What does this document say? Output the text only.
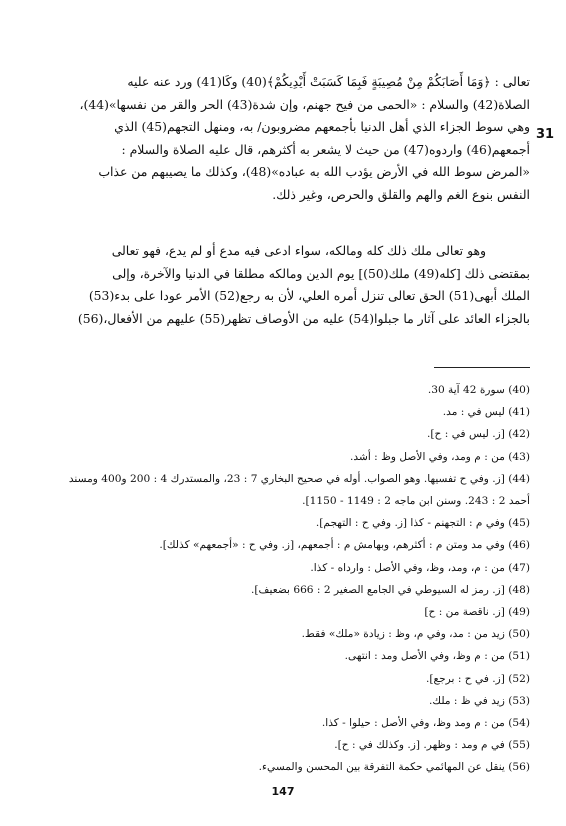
31
تعالى : ﴿وَمَا أَصَابَكُمْ مِنْ مُصِيبَةٍ فَبِمَا كَسَبَتْ أَيْدِيكُمْ﴾(40) وكَا(41) ورد عنه عليه
الصلاة(42) والسلام : «الحمى من فيح جهنم، وإن شدة(43) الحر والقر من نفسها»(44)،
وهي سوط الجزاء الذي أهل الدنيا بأجمعهم مضروبون/ به، ومنهل التجهم(45) الذي
أجمعهم(46) واردوه(47) من حيث لا يشعر به أكثرهم، قال عليه الصلاة والسلام :
«المرض سوط الله في الأرض يؤدب الله به عباده»(48)، وكذلك ما يصيبهم من عذاب
النفس بنوع الغم والهم والقلق والحرص، وغير ذلك.
وهو تعالى ملك ذلك كله ومالكه، سواء ادعى فيه مدع أو لم يدع، فهو تعالى
بمقتضى ذلك [كله(49) ملك(50)] يوم الدين ومالكه مطلقا في الدنيا والآخرة، وإلى
الملك أبهى(51) الحق تعالى تنزل أمره العلي، لأن به رجع(52) الأمر عودا على بدء(53)
بالجزاء العائد على آثار ما جبلوا(54) عليه من الأوصاف تظهر(55) عليهم من الأفعال،(56)
(40) سورة 42 آية 30.
(41) ليس في : مد.
(42) [ز. ليس في : ح].
(43) من : م ومد، وفي الأصل وظ : أشد.
(44) [ز. وفي ح تفسيها. وهو الصواب. أوله في صحيح البخاري 7 : 23، والمستدرك 4 : 200 و400 ومسند
أحمد 2 : 243. وسنن ابن ماجه 2 : 1149 - 1150].
(45) وفي م : التجهنم - كذا [ز. وفي ح : التهجم].
(46) وفي مد ومتن م : أكثرهم، وبهامش م : أجمعهم، [ز. وفي ح : «أجمعهم» كذلك].
(47) من : م، ومد، وظ، وفي الأصل : وارداه - كذا.
(48) [ز. رمز له السيوطي في الجامع الصغير 2 : 666 بضعيف].
(49) [ز. ناقصة من : ح]
(50) زيد من : مد، وفي م، وظ : زيادة «ملك» فقط.
(51) من : م وظ، وفي الأصل ومد : انتهى.
(52) [ز. في ح : برجع].
(53) زيد في ظ : ملك.
(54) من : م ومد وظ، وفي الأصل : حيلوا - كذا.
(55) في م ومد : وظهر. [ز. وكذلك في : ح].
(56) ينقل عن المهائمي حكمة التفرقة بين المحسن والمسيء.
147
